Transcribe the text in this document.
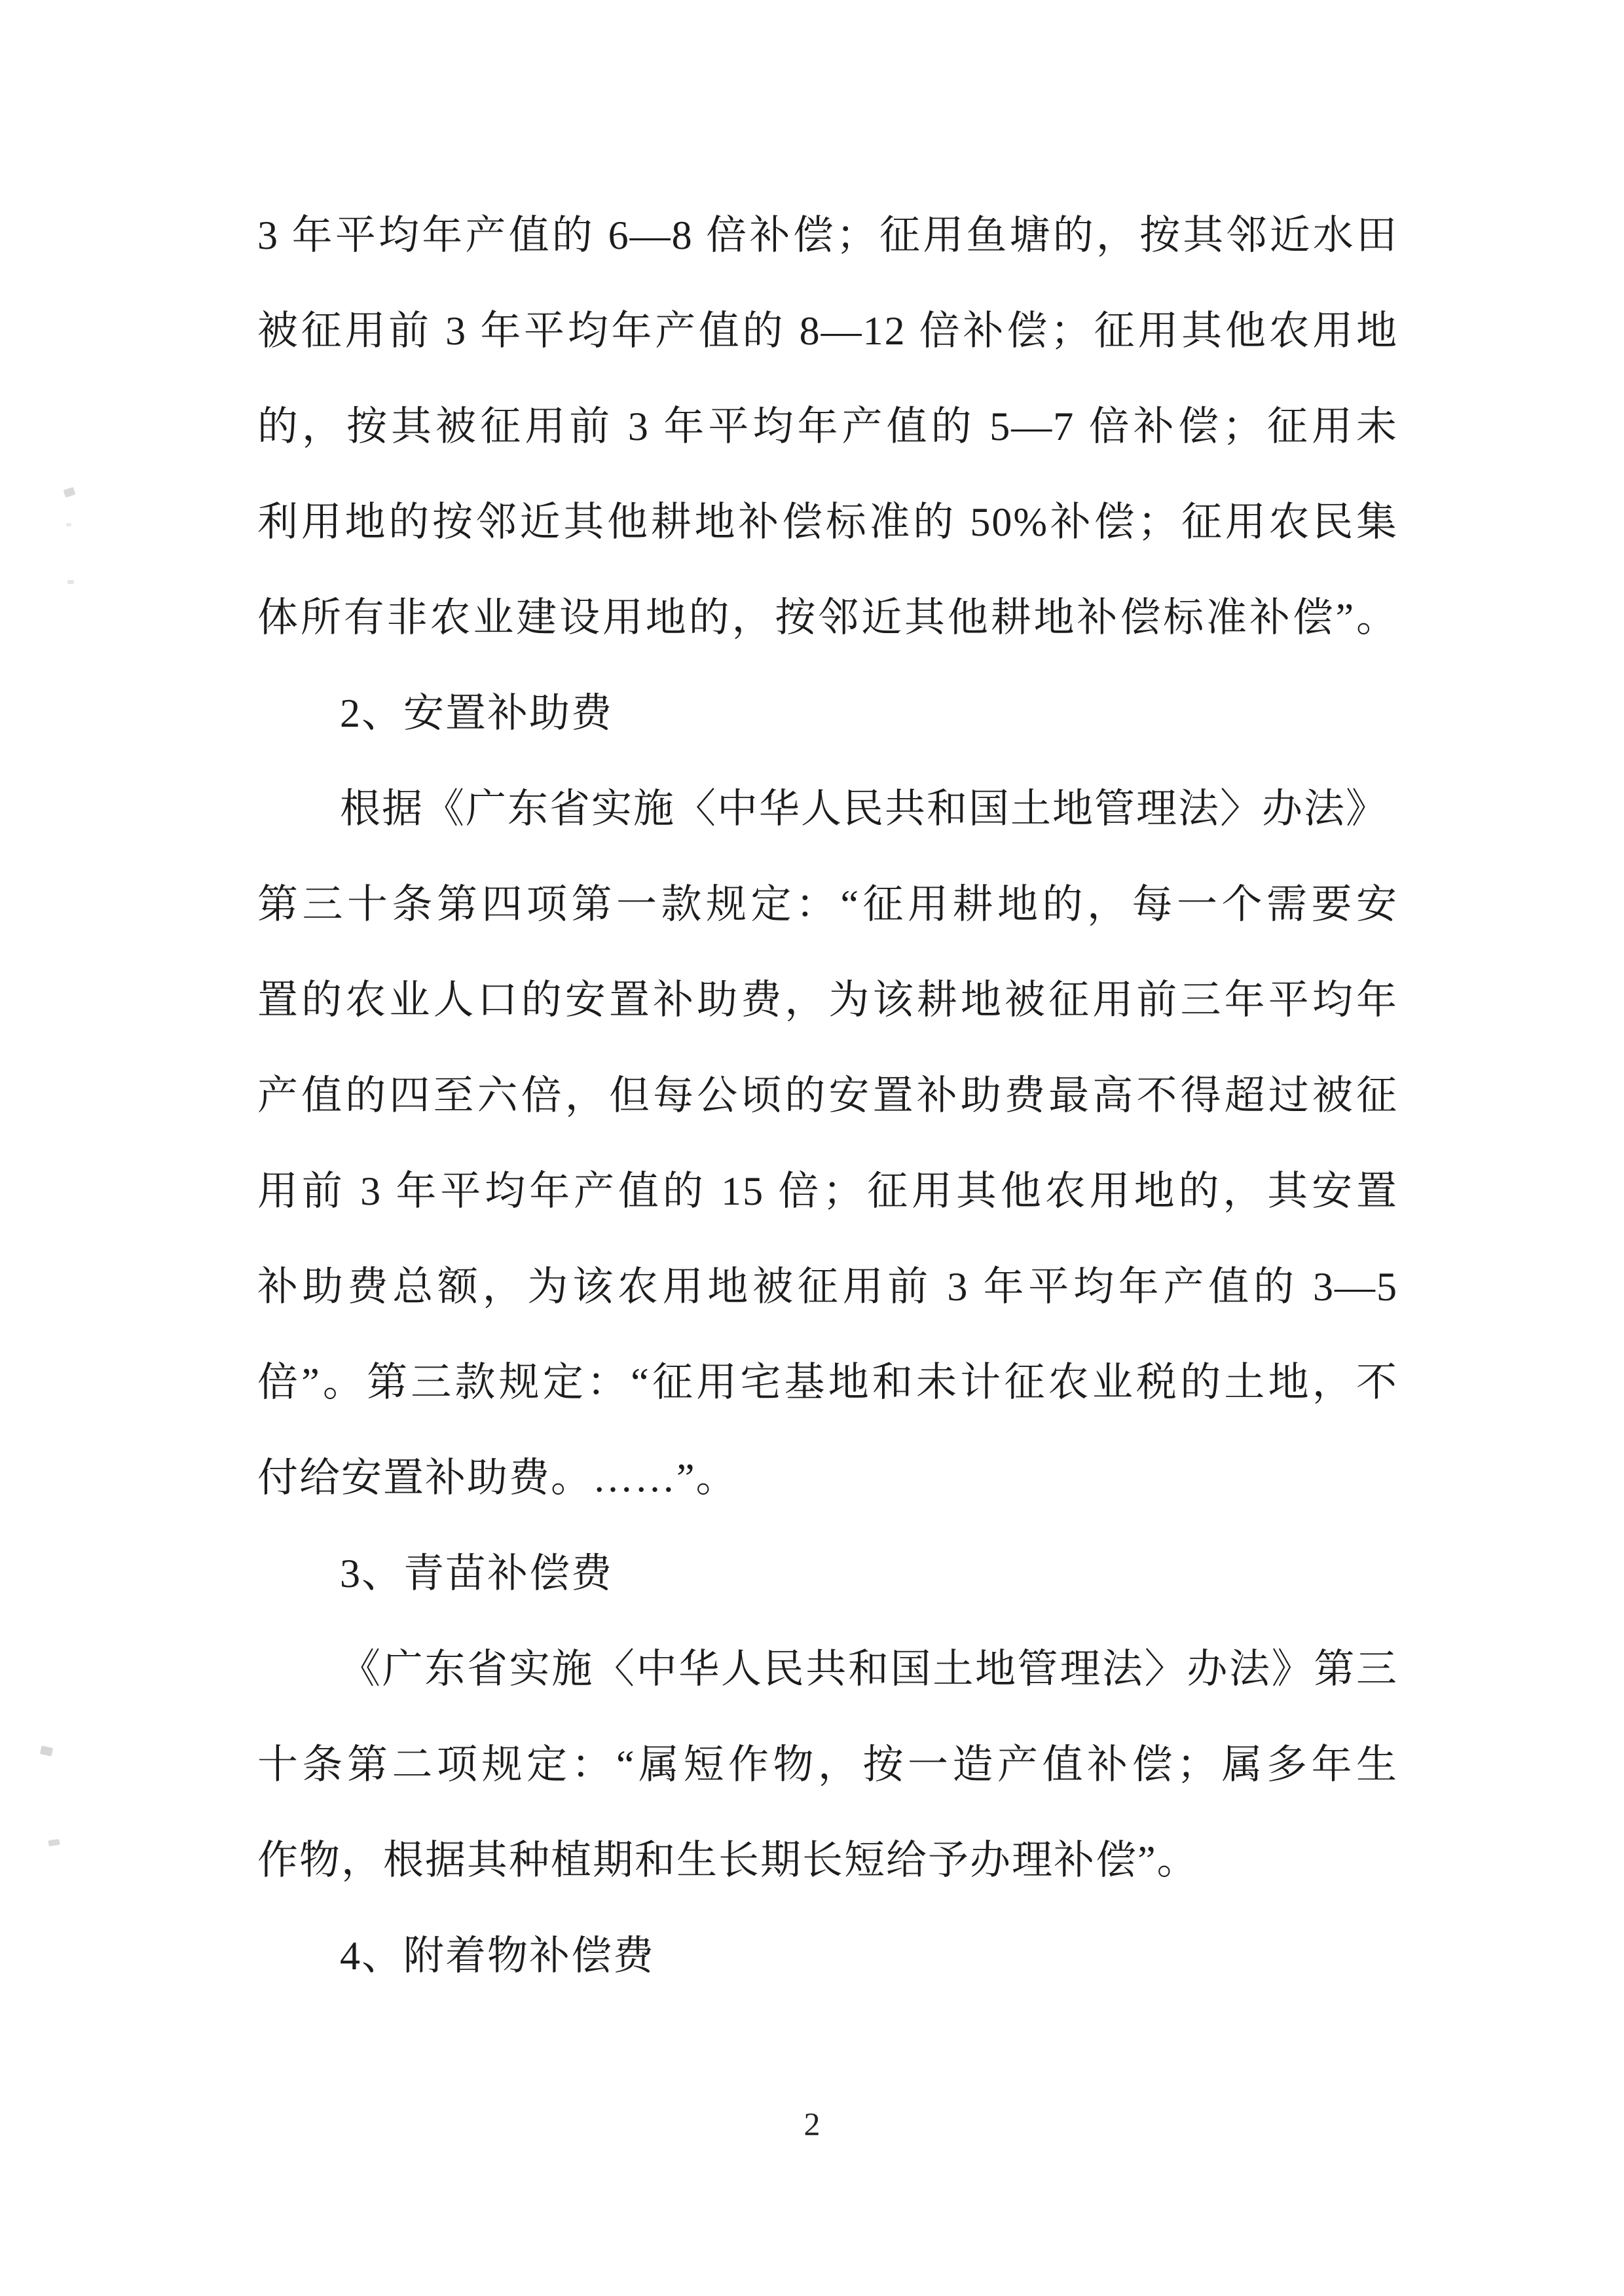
3 年平均年产值的 6—8 倍补偿；征用鱼塘的，按其邻近水田
被征用前 3 年平均年产值的 8—12 倍补偿；征用其他农用地
的，按其被征用前 3 年平均年产值的 5—7 倍补偿；征用未
利用地的按邻近其他耕地补偿标准的 50%补偿；征用农民集
体所有非农业建设用地的，按邻近其他耕地补偿标准补偿”。
2、安置补助费
根据《广东省实施〈中华人民共和国土地管理法〉办法》
第三十条第四项第一款规定：“征用耕地的，每一个需要安
置的农业人口的安置补助费，为该耕地被征用前三年平均年
产值的四至六倍，但每公顷的安置补助费最高不得超过被征
用前 3 年平均年产值的 15 倍；征用其他农用地的，其安置
补助费总额，为该农用地被征用前 3 年平均年产值的 3—5
倍”。第三款规定：“征用宅基地和未计征农业税的土地，不
付给安置补助费。……”。
3、青苗补偿费
《广东省实施〈中华人民共和国土地管理法〉办法》第三
十条第二项规定：“属短作物，按一造产值补偿；属多年生
作物，根据其种植期和生长期长短给予办理补偿”。
4、附着物补偿费
2
